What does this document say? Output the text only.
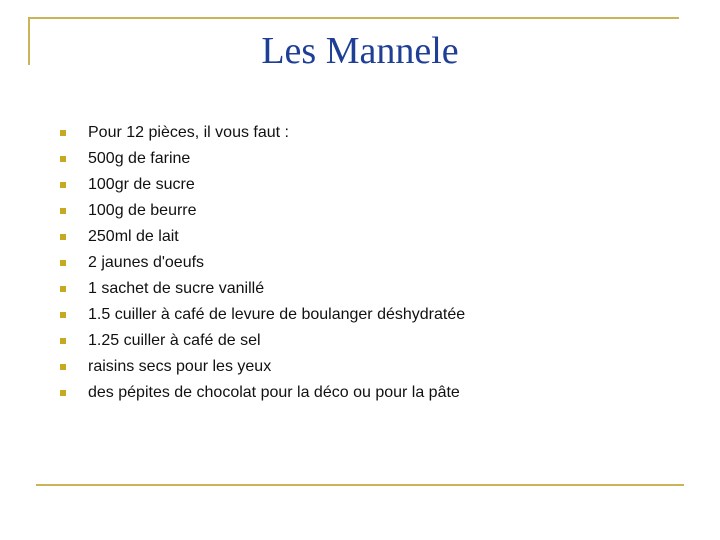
Les Mannele
Pour 12 pièces, il vous faut :
500g de farine
100gr de sucre
100g de beurre
250ml de lait
2 jaunes d'oeufs
1 sachet de sucre vanillé
1.5 cuiller à café de levure de boulanger déshydratée
1.25 cuiller à café de sel
raisins secs pour les yeux
des pépites de chocolat pour la déco ou pour la pâte
